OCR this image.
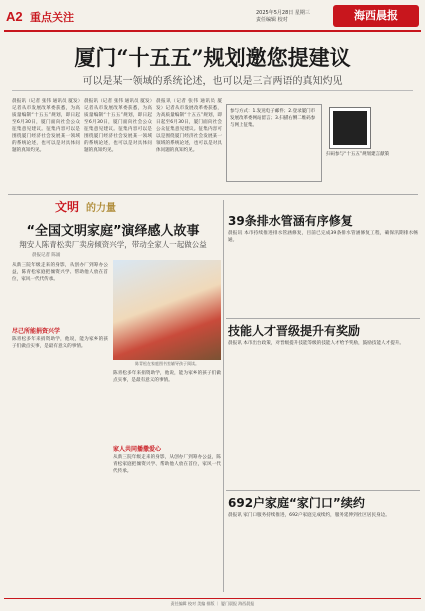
A2 重点关注	2025年5月28日 星期三
责任编辑 校对	海西晨报
厦门“十五五”规划邀您提建议
可以是某一领域的系统论述，也可以是三言两语的真知灼见
晨报讯（记者 张伟 通讯员 厦发）记者从市发展改革委获悉，为高质量编制“十五五”规划，即日起至6月30日，厦门面向社会公众征集意见建议。征集内容可以是围绕厦门经济社会发展某一领域的系统论述，也可以是对具体问题的真知灼见。
晨报讯（记者 张伟 通讯员 厦发）记者从市发展改革委获悉，为高质量编制“十五五”规划，即日起至6月30日，厦门面向社会公众征集意见建议。征集内容可以是围绕厦门经济社会发展某一领域的系统论述，也可以是对具体问题的真知灼见。
晨报讯（记者 张伟 通讯员 厦发）记者从市发展改革委获悉，为高质量编制“十五五”规划，即日起至6月30日，厦门面向社会公众征集意见建议。征集内容可以是围绕厦门经济社会发展某一领域的系统论述，也可以是对具体问题的真知灼见。
参与方式：1.发送电子邮件；2.登录厦门市发展改革委网站留言；3.扫描右侧二维码参与网上征集。
扫码参与“十五五”规划建言献策
文明 的力量
“全国文明家庭”演绎感人故事
翔安人陈青松卖厂卖房倾资兴学，带动全家人一起做公益
晨报记者 陈涌
从新三院年级走来的身影，从创办厂到筹办公益，陈青松家庭把倾资兴学、帮助他人放在首位，家风一代代传承。
尽己所能捐资兴学
陈青松多年来捐资助学，他说，能为家乡的孩子们做点实事，是最有意义的事情。
陈青松在家庭图书室辅导孩子阅读。
陈青松多年来捐资助学，他说，能为家乡的孩子们做点实事，是最有意义的事情。
家人共同播撒爱心
从新三院年级走来的身影，从创办厂到筹办公益，陈青松家庭把倾资兴学、帮助他人放在首位，家风一代代传承。
39条排水管涵有序修复
晨报讯 本市持续推进排水管涵修复，目前已完成39条排水管涵修复工程，确保汛期排水畅通。
技能人才晋级提升有奖励
晨报讯 本市出台政策，对晋级提升技能等级的技能人才给予奖励，鼓励技能人才提升。
692户家庭“家门口”续约
晨报讯 家门口服务持续推进，692户家庭完成续约，服务延伸到社区居民身边。
责任编辑 校对 美编 排版 ｜ 厦门晨报 海西晨报
